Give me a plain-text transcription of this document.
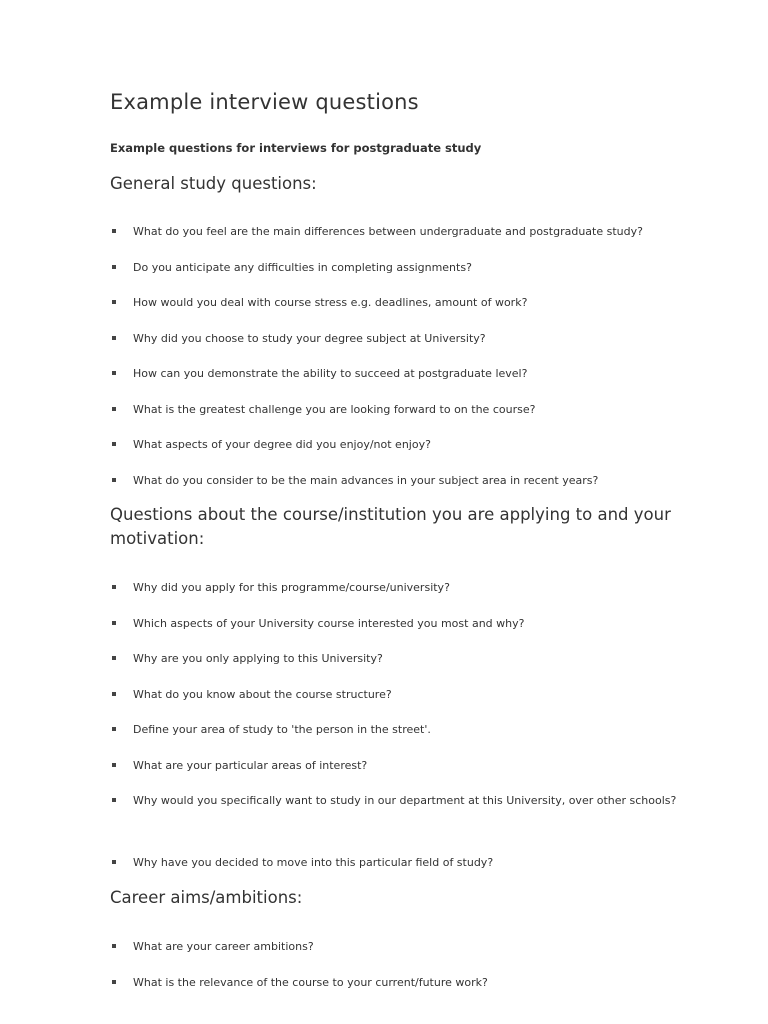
Example interview questions
Example questions for interviews for postgraduate study
General study questions:
What do you feel are the main differences between undergraduate and postgraduate study?
Do you anticipate any difficulties in completing assignments?
How would you deal with course stress e.g. deadlines, amount of work?
Why did you choose to study your degree subject at University?
How can you demonstrate the ability to succeed at postgraduate level?
What is the greatest challenge you are looking forward to on the course?
What aspects of your degree did you enjoy/not enjoy?
What do you consider to be the main advances in your subject area in recent years?
Questions about the course/institution you are applying to and your motivation:
Why did you apply for this programme/course/university?
Which aspects of your University course interested you most and why?
Why are you only applying to this University?
What do you know about the course structure?
Define your area of study to 'the person in the street'.
What are your particular areas of interest?
Why would you specifically want to study in our department at this University, over other schools?
Why have you decided to move into this particular field of study?
Career aims/ambitions:
What are your career ambitions?
What is the relevance of the course to your current/future work?
